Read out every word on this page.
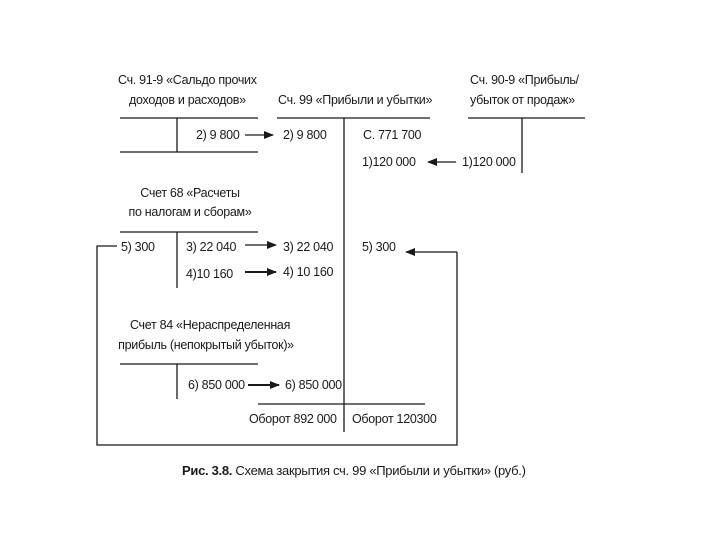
Сч. 91-9 «Сальдо прочих
доходов и расходов»	Сч. 99 «Прибыли и убытки»
Сч. 90-9 «Прибыль/
убыток от продаж»
Счет 68 «Расчеты
по налогам и сборам»
Счет 84 «Нераспределенная
прибыль (непокрытый убыток)»
2) 9 800	2) 9 800	С. 771 700
1)120 000	1)120 000
5) 300	3) 22 040
4)10 160
3) 22 040
4) 10 160
5) 300
6) 850 000	6) 850 000
Оборот 892 000 Оборот 120300
Рис. 3.8. Схема закрытия сч. 99 «Прибыли и убытки» (руб.)
